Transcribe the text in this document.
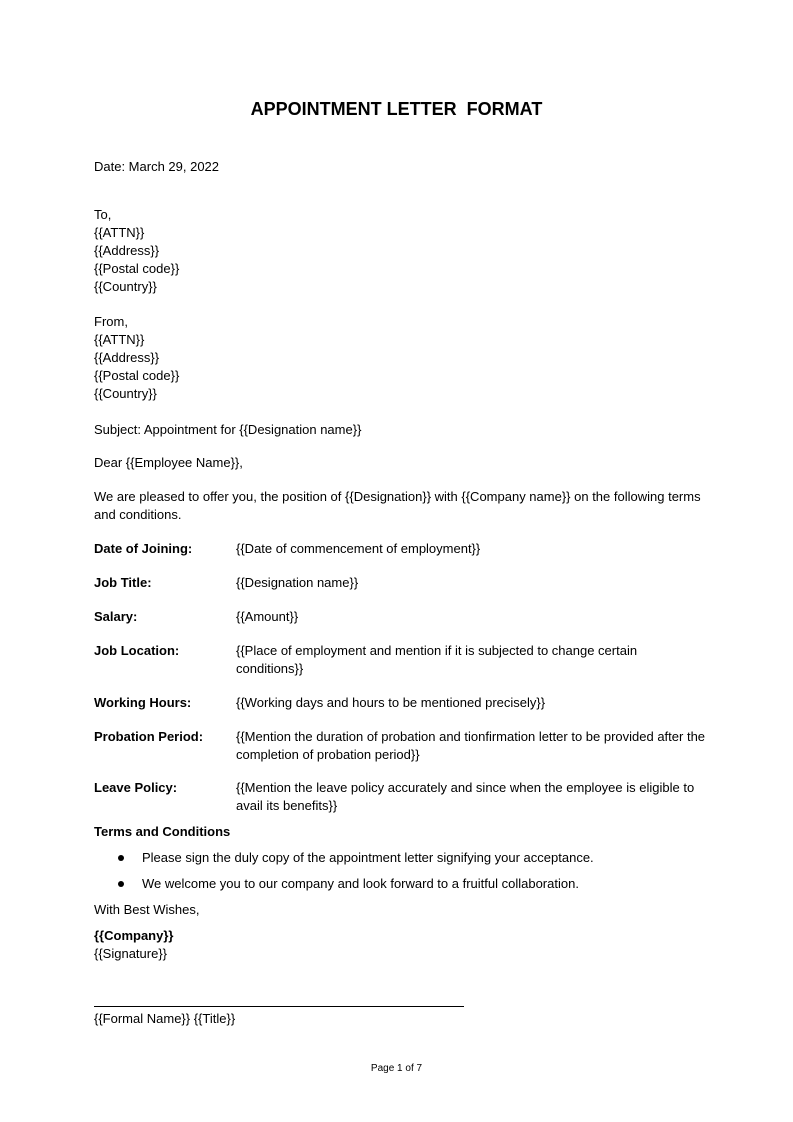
APPOINTMENT LETTER  FORMAT
Date: March 29, 2022
To,
{{ATTN}}
{{Address}}
{{Postal code}}
{{Country}}
From,
{{ATTN}}
{{Address}}
{{Postal code}}
{{Country}}
Subject: Appointment for {{Designation name}}
Dear {{Employee Name}},
We are pleased to offer you, the position of {{Designation}} with {{Company name}} on the following terms and conditions.
Date of Joining:	{{Date of commencement of employment}}
Job Title:	{{Designation name}}
Salary:	{{Amount}}
Job Location:	{{Place of employment and mention if it is subjected to change certain conditions}}
Working Hours:	{{Working days and hours to be mentioned precisely}}
Probation Period:	{{Mention the duration of probation and tionfirmation letter to be provided after the completion of probation period}}
Leave Policy:	{{Mention the leave policy accurately and since when the employee is eligible to avail its benefits}}
Terms and Conditions
Please sign the duly copy of the appointment letter signifying your acceptance.
We welcome you to our company and look forward to a fruitful collaboration.
With Best Wishes,
{{Company}}
{{Signature}}
{{Formal Name}} {{Title}}
Page 1 of 7
